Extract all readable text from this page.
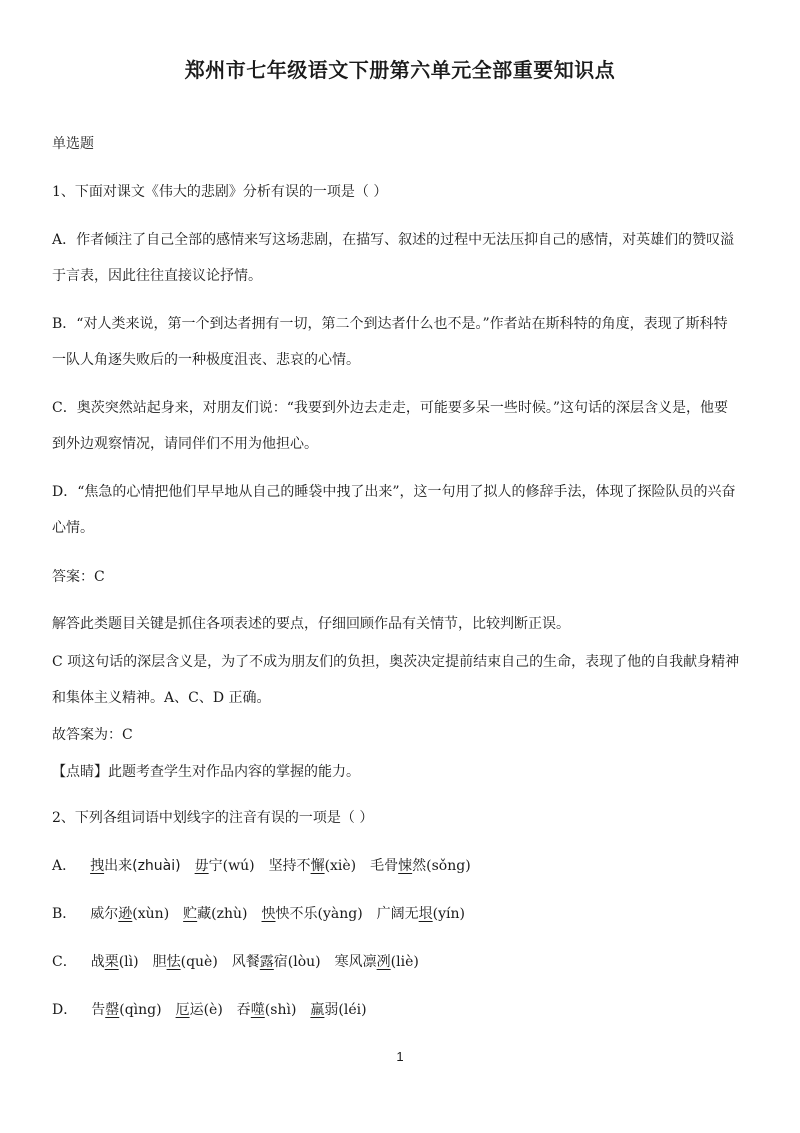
郑州市七年级语文下册第六单元全部重要知识点
单选题
1、下面对课文《伟大的悲剧》分析有误的一项是（ ）
A．作者倾注了自己全部的感情来写这场悲剧，在描写、叙述的过程中无法压抑自己的感情，对英雄们的赞叹溢
于言表，因此往往直接议论抒情。
B．“对人类来说，第一个到达者拥有一切，第二个到达者什么也不是。”作者站在斯科特的角度，表现了斯科特
一队人角逐失败后的一种极度沮丧、悲哀的心情。
C．奥茨突然站起身来，对朋友们说：“我要到外边去走走，可能要多呆一些时候。”这句话的深层含义是，他要
到外边观察情况，请同伴们不用为他担心。
D．“焦急的心情把他们早早地从自己的睡袋中拽了出来”，这一句用了拟人的修辞手法，体现了探险队员的兴奋
心情。
答案：C
解答此类题目关键是抓住各项表述的要点，仔细回顾作品有关情节，比较判断正误。
C 项这句话的深层含义是，为了不成为朋友们的负担，奥茨决定提前结束自己的生命，表现了他的自我献身精神
和集体主义精神。A、C、D 正确。
故答案为：C
【点睛】此题考查学生对作品内容的掌握的能力。
2、下列各组词语中划线字的注音有误的一项是（ ）
A． 拽出来(zhuài) 毋宁(wú) 坚持不懈(xiè) 毛骨悚然(sǒng)
B． 威尔逊(xùn) 贮藏(zhù) 怏怏不乐(yàng) 广阔无垠(yín)
C． 战栗(lì) 胆怯(què) 风餐露宿(lòu) 寒风凛冽(liè)
D． 告罄(qìng) 厄运(è) 吞噬(shì) 羸弱(léi)
1
